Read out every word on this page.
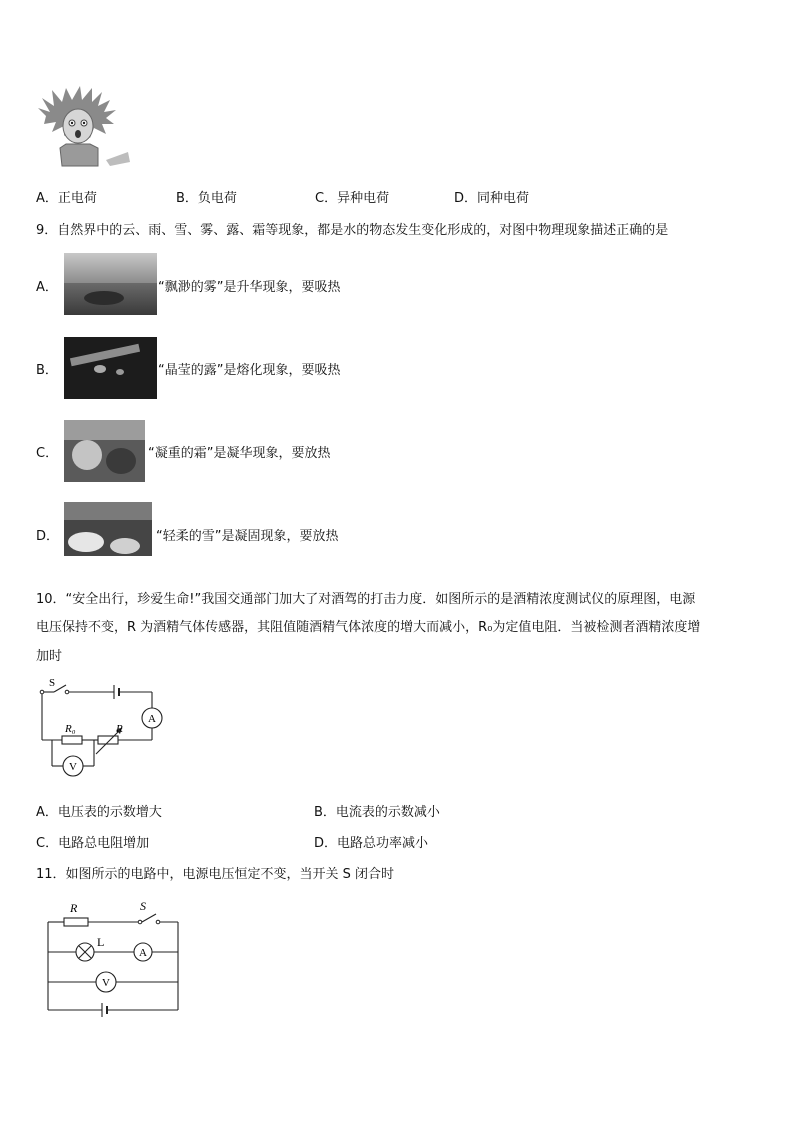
A．正电荷	B．负电荷	C．异种电荷	D．同种电荷
9．自然界中的云、雨、雪、雾、露、霜等现象，都是水的物态发生变化形成的，对图中物理现象描述正确的是
A．	“飘渺的雾”是升华现象，要吸热
B．	“晶莹的露”是熔化现象，要吸热
C．	“凝重的霜”是凝华现象，要放热
D．	“轻柔的雪”是凝固现象，要放热
10．“安全出行，珍爱生命!”我国交通部门加大了对酒驾的打击力度．如图所示的是酒精浓度测试仪的原理图，电源
电压保持不变，R 为酒精气体传感器，其阻值随酒精气体浓度的增大而减小，R₀为定值电阻．当被检测者酒精浓度增
加时
S
R₀	R
A
V
A．电压表的示数增大	B．电流表的示数减小
C．电路总电阻增加	D．电路总功率减小
11．如图所示的电路中，电源电压恒定不变，当开关 S 闭合时
R	S
L
A
V
